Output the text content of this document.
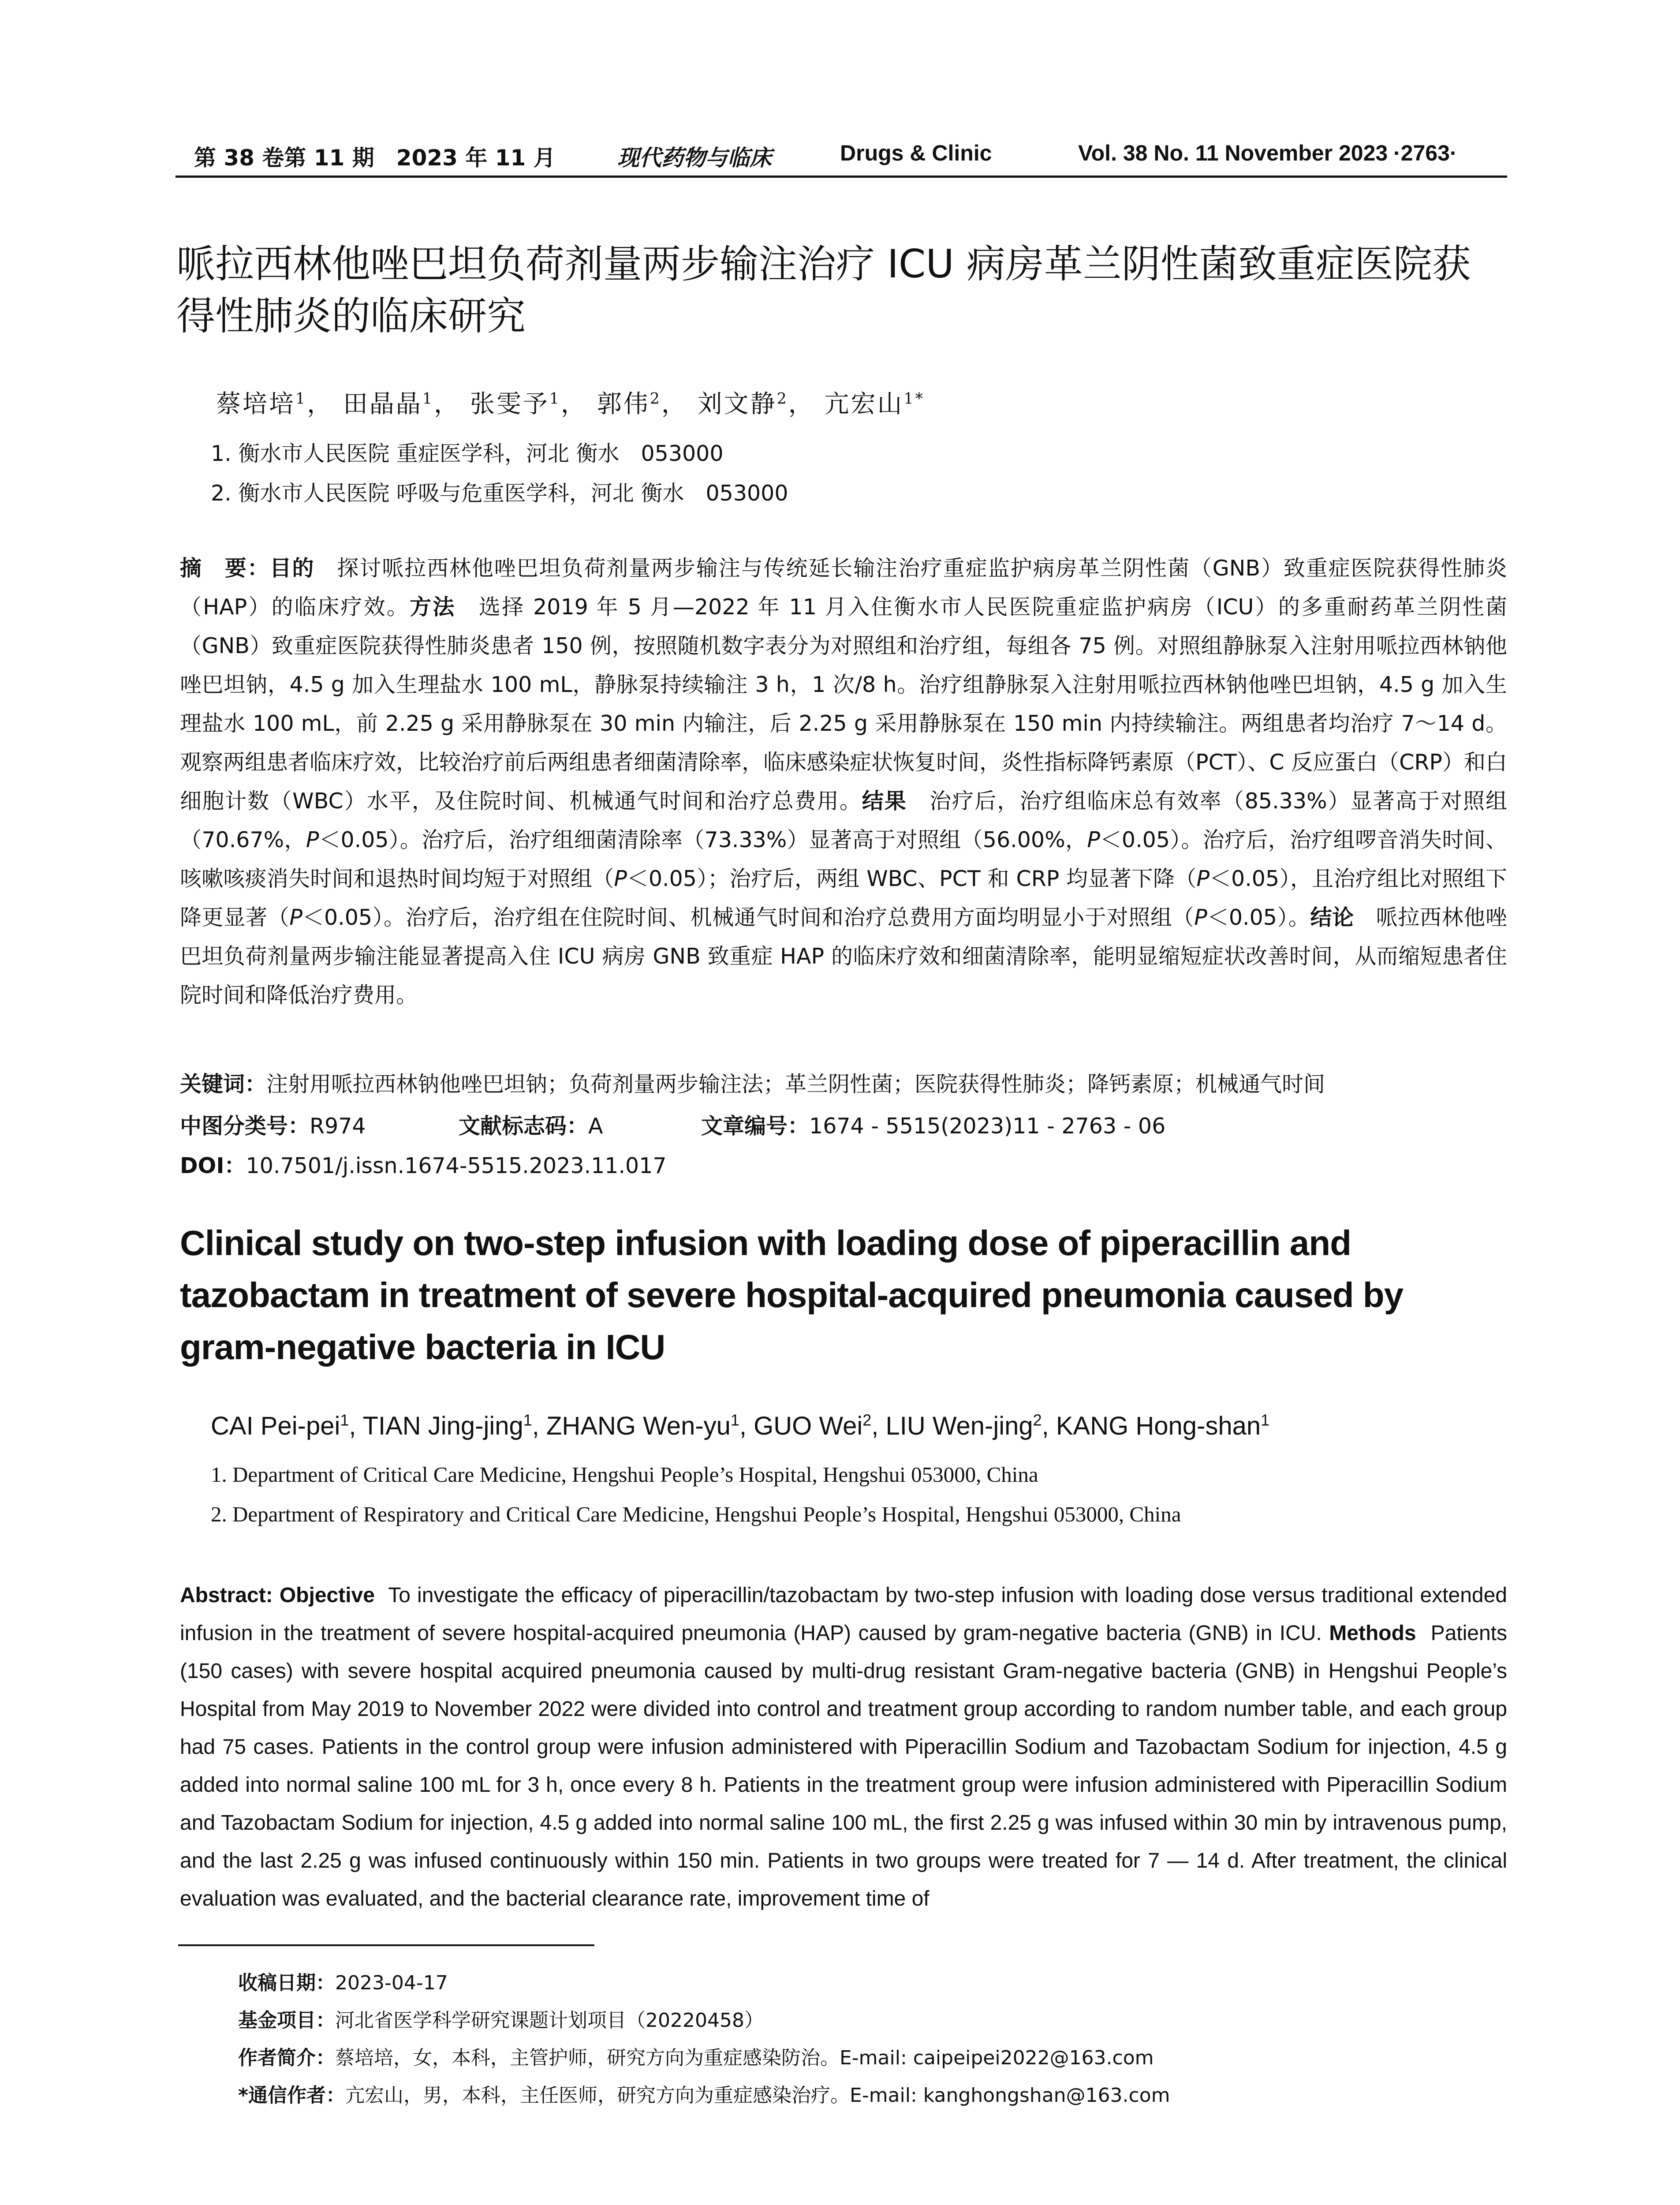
第 38 卷第 11 期　2023 年 11 月	现代药物与临床	Drugs & Clinic	Vol. 38 No. 11 November 2023 ·2763·
哌拉西林他唑巴坦负荷剂量两步输注治疗 ICU 病房革兰阴性菌致重症医院获得性肺炎的临床研究
蔡培培$^1$， 田晶晶$^1$， 张雯予$^1$， 郭伟$^2$， 刘文静$^2$， 亢宏山$^{1*}$
1. 衡水市人民医院 重症医学科，河北 衡水　053000
2. 衡水市人民医院 呼吸与危重医学科，河北 衡水　053000
摘　要：目的　 探讨哌拉西林他唑巴坦负荷剂量两步输注与传统延长输注治疗重症监护病房革兰阴性菌（GNB）致重症医院获得性肺炎（HAP）的临床疗效。方法　 选择 2019 年 5 月—2022 年 11 月入住衡水市人民医院重症监护病房（ICU）的多重耐药革兰阴性菌（GNB）致重症医院获得性肺炎患者 150 例，按照随机数字表分为对照组和治疗组，每组各 75 例。对照组静脉泵入注射用哌拉西林钠他唑巴坦钠，4.5 g 加入生理盐水 100 mL，静脉泵持续输注 3 h，1 次/8 h。治疗组静脉泵入注射用哌拉西林钠他唑巴坦钠，4.5 g 加入生理盐水 100 mL，前 2.25 g 采用静脉泵在 30 min 内输注，后 2.25 g 采用静脉泵在 150 min 内持续输注。两组患者均治疗 7～14 d。观察两组患者临床疗效，比较治疗前后两组患者细菌清除率，临床感染症状恢复时间，炎性指标降钙素原（PCT）、C 反应蛋白（CRP）和白细胞计数（WBC）水平，及住院时间、机械通气时间和治疗总费用。结果　 治疗后，治疗组临床总有效率（85.33%）显著高于对照组（70.67%，P＜0.05）。治疗后，治疗组细菌清除率（73.33%）显著高于对照组（56.00%，P＜0.05）。治疗后，治疗组啰音消失时间、咳嗽咳痰消失时间和退热时间均短于对照组（P＜0.05）；治疗后，两组 WBC、PCT 和 CRP 均显著下降（P＜0.05），且治疗组比对照组下降更显著（P＜0.05）。治疗后，治疗组在住院时间、机械通气时间和治疗总费用方面均明显小于对照组（P＜0.05）。结论　 哌拉西林他唑巴坦负荷剂量两步输注能显著提高入住 ICU 病房 GNB 致重症 HAP 的临床疗效和细菌清除率，能明显缩短症状改善时间，从而缩短患者住院时间和降低治疗费用。
关键词：注射用哌拉西林钠他唑巴坦钠；负荷剂量两步输注法；革兰阴性菌；医院获得性肺炎；降钙素原；机械通气时间
中图分类号：R974	文献标志码：A	文章编号：1674 - 5515(2023)11 - 2763 - 06
DOI：10.7501/j.issn.1674-5515.2023.11.017
Clinical study on two-step infusion with loading dose of piperacillin and tazobactam in treatment of severe hospital-acquired pneumonia caused by gram-negative bacteria in ICU
CAI Pei-pei$^1$, TIAN Jing-jing$^1$, ZHANG Wen-$yu^1$, GUO Wei$^2$, LIU Wen-jing$^2$, KANG Hong-shan$^1$
1. Department of Critical Care Medicine, Hengshui People’s Hospital, Hengshui 053000, China
2. Department of Respiratory and Critical Care Medicine, Hengshui People’s Hospital, Hengshui 053000, China
Abstract: Objective To investigate the efficacy of piperacillin/tazobactam by two-step infusion with loading dose versus traditional extended infusion in the treatment of severe hospital-acquired pneumonia (HAP) caused by gram-negative bacteria (GNB) in ICU. Methods Patients (150 cases) with severe hospital acquired pneumonia caused by multi-drug resistant Gram-negative bacteria (GNB) in Hengshui People’s Hospital from May 2019 to November 2022 were divided into control and treatment group according to random number table, and each group had 75 cases. Patients in the control group were infusion administered with Piperacillin Sodium and Tazobactam Sodium for injection, 4.5 g added into normal saline 100 mL for 3 h, once every 8 h. Patients in the treatment group were infusion administered with Piperacillin Sodium and Tazobactam Sodium for injection, 4.5 g added into normal saline 100 mL, the first 2.25 g was infused within 30 min by intravenous pump, and the last 2.25 g was infused continuously within 150 min. Patients in two groups were treated for 7 — 14 d. After treatment, the clinical evaluation was evaluated, and the bacterial clearance rate, improvement time of
收稿日期：2023-04-17
基金项目：河北省医学科学研究课题计划项目（20220458）
作者简介：蔡培培，女，本科，主管护师，研究方向为重症感染防治。E-mail: caipeipei2022@163.com
*通信作者：亢宏山，男，本科，主任医师，研究方向为重症感染治疗。E-mail: kanghongshan@163.com
